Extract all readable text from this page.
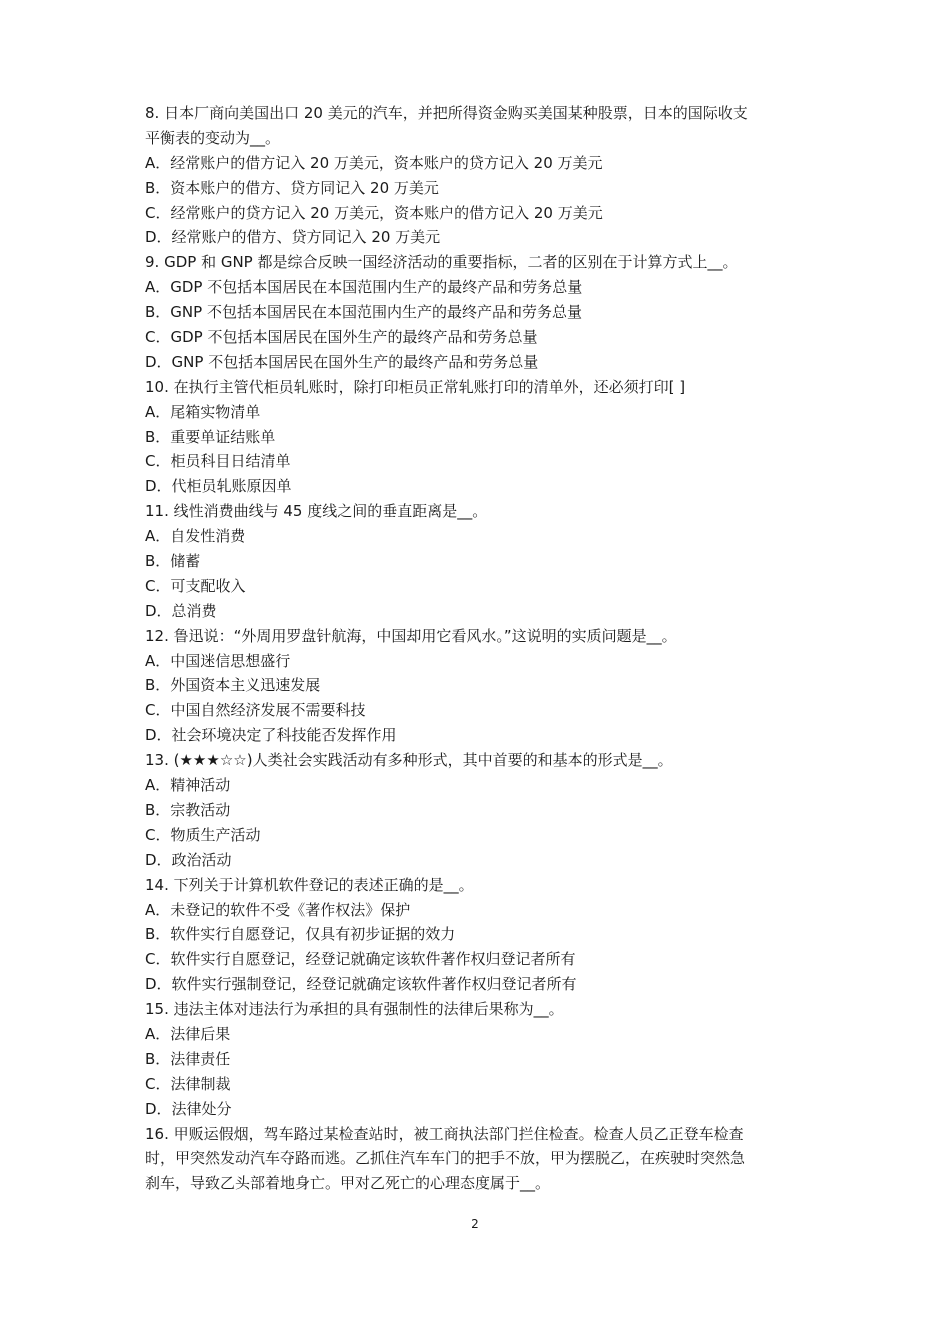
8. 日本厂商向美国出口 20 美元的汽车，并把所得资金购买美国某种股票，日本的国际收支
平衡表的变动为__。
A．经常账户的借方记入 20 万美元，资本账户的贷方记入 20 万美元
B．资本账户的借方、贷方同记入 20 万美元
C．经常账户的贷方记入 20 万美元，资本账户的借方记入 20 万美元
D．经常账户的借方、贷方同记入 20 万美元
9. GDP 和 GNP 都是综合反映一国经济活动的重要指标，二者的区别在于计算方式上__。
A．GDP 不包括本国居民在本国范围内生产的最终产品和劳务总量
B．GNP 不包括本国居民在本国范围内生产的最终产品和劳务总量
C．GDP 不包括本国居民在国外生产的最终产品和劳务总量
D．GNP 不包括本国居民在国外生产的最终产品和劳务总量
10. 在执行主管代柜员轧账时，除打印柜员正常轧账打印的清单外，还必须打印[ ]
A．尾箱实物清单
B．重要单证结账单
C．柜员科目日结清单
D．代柜员轧账原因单
11. 线性消费曲线与 45 度线之间的垂直距离是__。
A．自发性消费
B．储蓄
C．可支配收入
D．总消费
12. 鲁迅说：“外周用罗盘针航海，中国却用它看风水。”这说明的实质问题是__。
A．中国迷信思想盛行
B．外国资本主义迅速发展
C．中国自然经济发展不需要科技
D．社会环境决定了科技能否发挥作用
13. (★★★☆☆)人类社会实践活动有多种形式，其中首要的和基本的形式是__。
A．精神活动
B．宗教活动
C．物质生产活动
D．政治活动
14. 下列关于计算机软件登记的表述正确的是__。
A．未登记的软件不受《著作权法》保护
B．软件实行自愿登记，仅具有初步证据的效力
C．软件实行自愿登记，经登记就确定该软件著作权归登记者所有
D．软件实行强制登记，经登记就确定该软件著作权归登记者所有
15. 违法主体对违法行为承担的具有强制性的法律后果称为__。
A．法律后果
B．法律责任
C．法律制裁
D．法律处分
16. 甲贩运假烟，驾车路过某检查站时，被工商执法部门拦住检查。检查人员乙正登车检查
时，甲突然发动汽车夺路而逃。乙抓住汽车车门的把手不放，甲为摆脱乙，在疾驶时突然急
刹车，导致乙头部着地身亡。甲对乙死亡的心理态度属于__。
2
